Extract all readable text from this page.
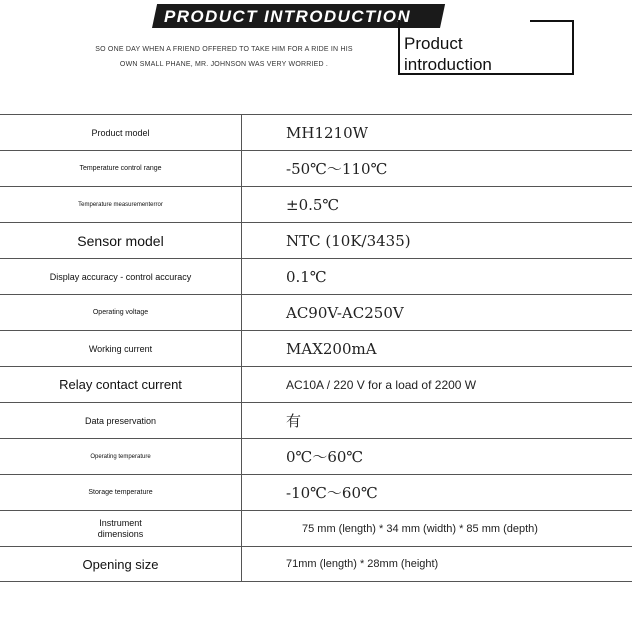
PRODUCT INTRODUCTION
SO ONE DAY WHEN A FRIEND OFFERED TO TAKE HIM FOR A RIDE IN HIS
OWN SMALL PHANE, MR. JOHNSON WAS VERY WORRIED .
Product
introduction
Product model	MH1210W
Temperature control range	-50℃～110℃
Temperature measurementerror	±0.5℃
Sensor model	NTC (10K/3435)
Display accuracy - control accuracy	0.1℃
Operating voltage	AC90V-AC250V
Working current	MAX200mA
Relay contact current	AC10A / 220 V for a load of 2200 W
Data preservation	有
Operating temperature	0℃～60℃
Storage temperature	-10℃～60℃
Instrument
dimensions	75 mm (length) * 34 mm (width) * 85 mm (depth)
Opening size	71mm (length) * 28mm (height)
